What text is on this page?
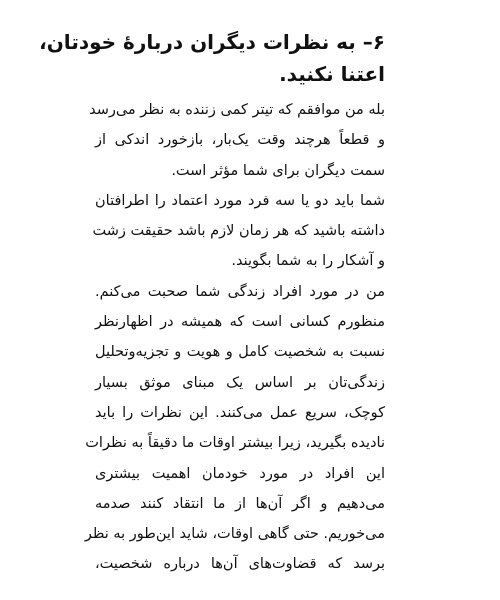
۶– به نظرات دیگران دربارۀ خودتان،
اعتنا نکنید.
بله من موافقم که تیتر کمی زننده به نظر می‌رسد
و قطعاً هرچند وقت یک‌بار، بازخورد اندکی از
سمت دیگران برای شما مؤثر است.
شما باید دو یا سه فرد مورد اعتماد را اطرافتان
داشته باشید که هر زمان لازم باشد حقیقت زشت
و آشکار را به شما بگویند.
من در مورد افراد زندگی شما صحبت می‌کنم.
منظورم کسانی است که همیشه در اظهارنظر
نسبت به شخصیت کامل و هویت و تجزیه‌وتحلیل
زندگی‌تان بر اساس یک مبنای موثق بسیار
کوچک، سریع عمل می‌کنند. این نظرات را باید
نادیده بگیرید، زیرا بیشتر اوقات ما دقیقاً به نظرات
این افراد در مورد خودمان اهمیت بیشتری
می‌دهیم و اگر آن‌ها از ما انتقاد کنند صدمه
می‌خوریم. حتی گاهی اوقات، شاید این‌طور به نظر
برسد که قضاوت‌های آن‌ها درباره شخصیت،
